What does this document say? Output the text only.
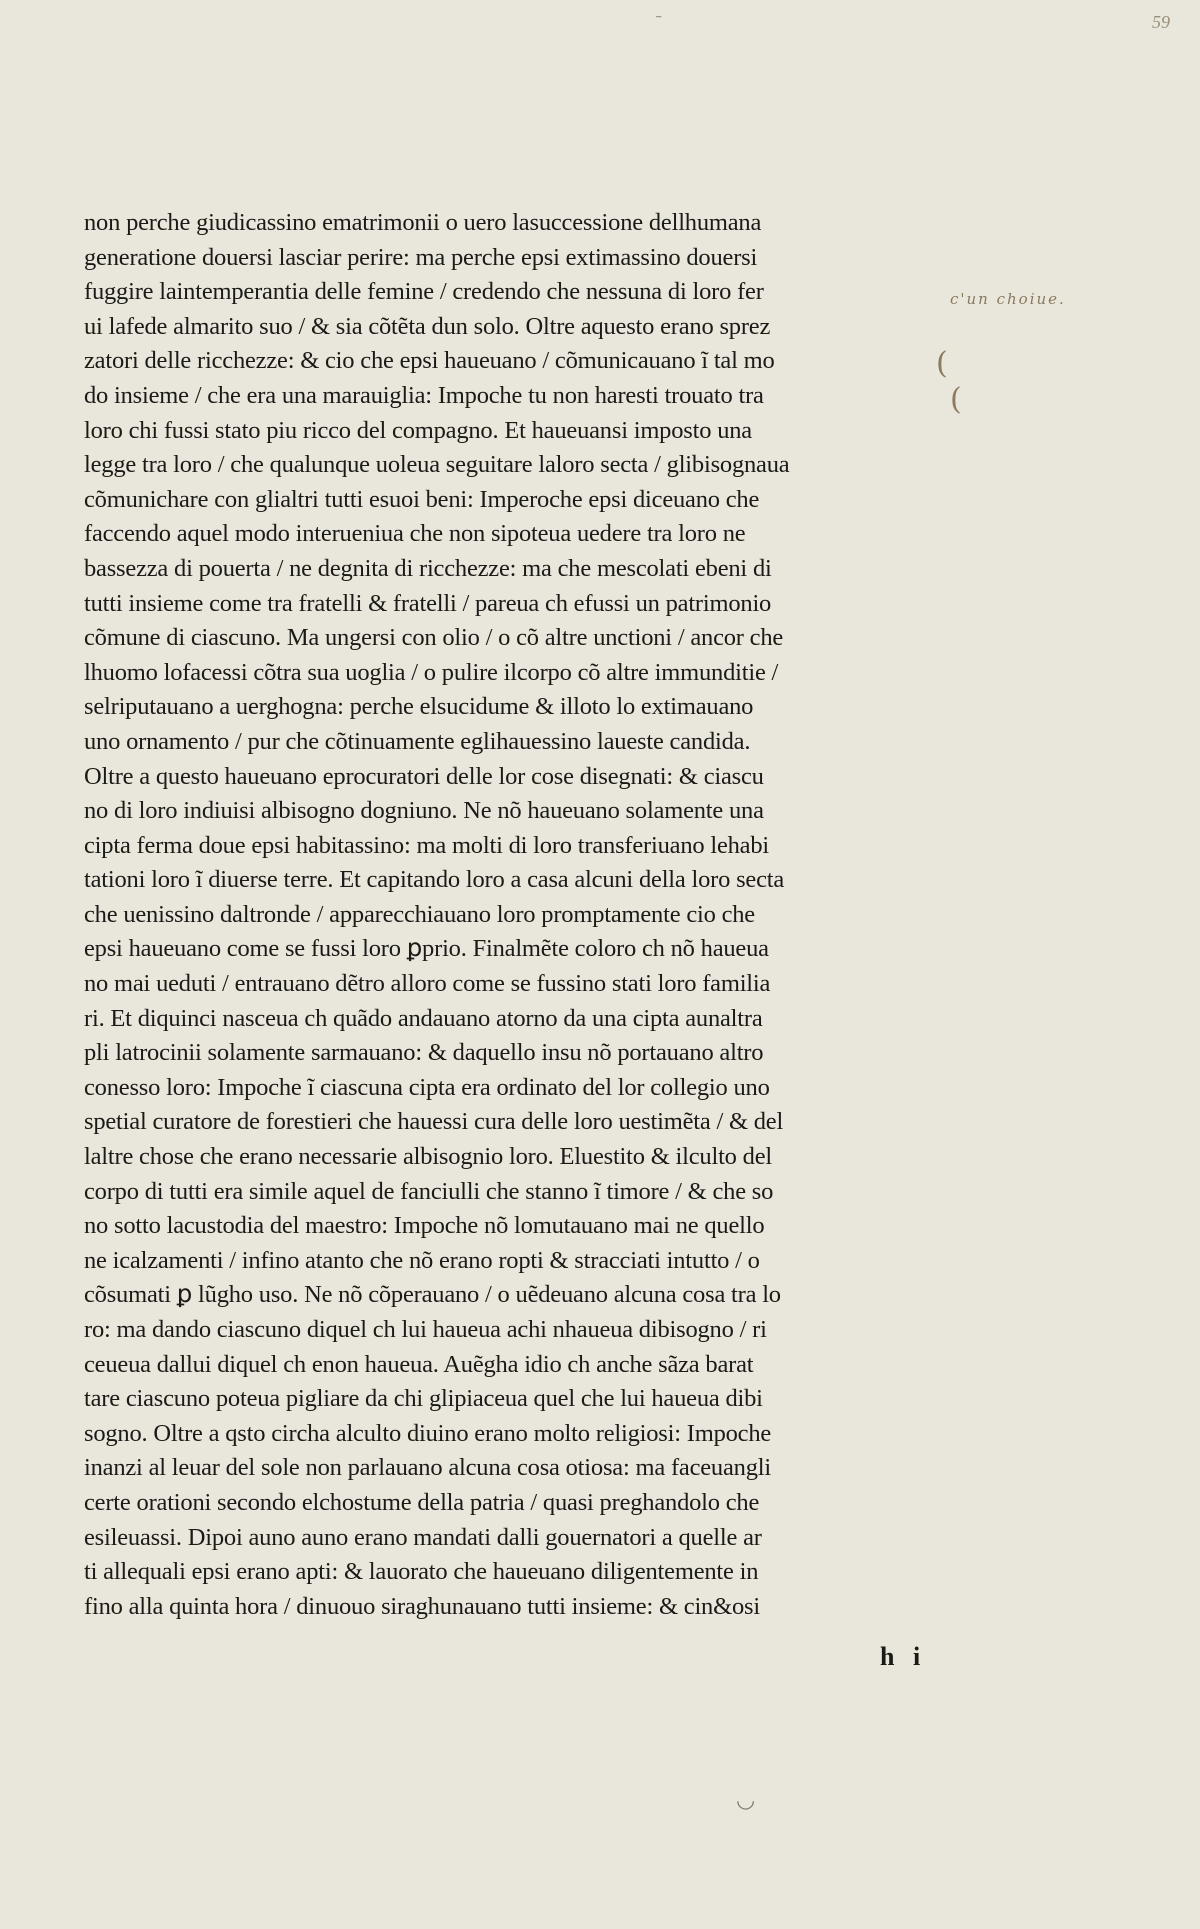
⁻	59
c'un choiue.
(
(
non perche giudicassino ematrimonii o uero lasuccessione dellhumana
generatione douersi lasciar perire: ma perche epsi extimassino douersi
fuggire laintemperantia delle femine / credendo che nessuna di loro fer
ui lafede almarito suo / & sia cõtẽta dun solo. Oltre aquesto erano sprez
zatori delle ricchezze: & cio che epsi haueuano / cõmunicauano ĩ tal mo
do insieme / che era una marauiglia: Impoche tu non haresti trouato tra
loro chi fussi stato piu ricco del compagno. Et haueuansi imposto una
legge tra loro / che qualunque uoleua seguitare laloro secta / glibisognaua
cõmunichare con glialtri tutti esuoi beni: Imperoche epsi diceuano che
faccendo aquel modo interueniua che non sipoteua uedere tra loro ne
bassezza di pouerta / ne degnita di ricchezze: ma che mescolati ebeni di
tutti insieme come tra fratelli & fratelli / pareua ch efussi un patrimonio
cõmune di ciascuno. Ma ungersi con olio / o cõ altre unctioni / ancor che
lhuomo lofacessi cõtra sua uoglia / o pulire ilcorpo cõ altre immunditie /
selriputauano a uerghogna: perche elsucidume & illoto lo extimauano
uno ornamento / pur che cõtinuamente eglihauessino laueste candida.
Oltre a questo haueuano eprocuratori delle lor cose disegnati: & ciascu
no di loro indiuisi albisogno dogniuno. Ne nõ haueuano solamente una
cipta ferma doue epsi habitassino: ma molti di loro transferiuano lehabi
tationi loro ĩ diuerse terre. Et capitando loro a casa alcuni della loro secta
che uenissino daltronde / apparecchiauano loro promptamente cio che
epsi haueuano come se fussi loro ꝑprio. Finalmẽte coloro ch nõ haueua
no mai ueduti / entrauano dẽtro alloro come se fussino stati loro familia
ri. Et diquinci nasceua ch quãdo andauano atorno da una cipta aunaltra
pli latrocinii solamente sarmauano: & daquello insu nõ portauano altro
conesso loro: Impoche ĩ ciascuna cipta era ordinato del lor collegio uno
spetial curatore de forestieri che hauessi cura delle loro uestimẽta / & del
laltre chose che erano necessarie albisognio loro. Eluestito & ilculto del
corpo di tutti era simile aquel de fanciulli che stanno ĩ timore / & che so
no sotto lacustodia del maestro: Impoche nõ lomutauano mai ne quello
ne icalzamenti / infino atanto che nõ erano ropti & stracciati intutto / o
cõsumati ꝑ lũgho uso. Ne nõ cõperauano / o uẽdeuano alcuna cosa tra lo
ro: ma dando ciascuno diquel ch lui haueua achi nhaueua dibisogno / ri
ceueua dallui diquel ch enon haueua. Auẽgha idio ch anche sãza barat
tare ciascuno poteua pigliare da chi glipiaceua quel che lui haueua dibi
sogno. Oltre a qsto circha alculto diuino erano molto religiosi: Impoche
inanzi al leuar del sole non parlauano alcuna cosa otiosa: ma faceuangli
certe orationi secondo elchostume della patria / quasi preghandolo che
esileuassi. Dipoi auno auno erano mandati dalli gouernatori a quelle ar
ti allequali epsi erano apti: & lauorato che haueuano diligentemente in
fino alla quinta hora / dinuouo siraghunauano tutti insieme: & cin&osi
h i
◡
